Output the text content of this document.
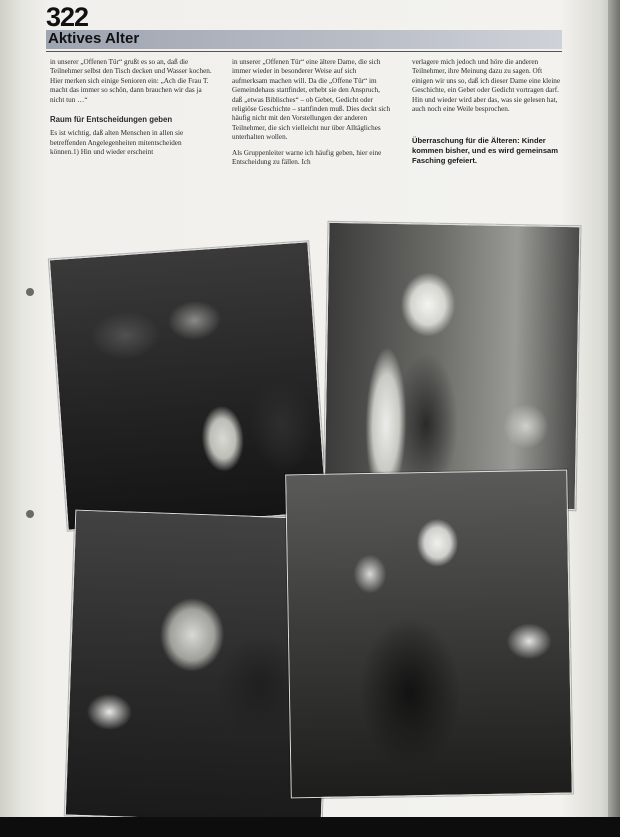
322
Aktives Alter

in unserer „Offenen Tür“ grußt es so an, daß die Teilnehmer selbst den Tisch decken und Wasser kochen. Hier merken sich einige Senioren ein: „Ach die Frau T. macht das immer so schön, dann brauchen wir das ja nicht tun …“

Raum für Entscheidungen geben

Es ist wichtig, daß alten Menschen in allen sie betreffenden Angelegenheiten mitentscheiden können.1) Hin und wieder erscheint

in unserer „Offenen Tür“ eine ältere Dame, die sich immer wieder in besonderer Weise auf sich aufmerksam machen will. Da die „Offene Tür“ im Gemeindehaus stattfindet, erhebt sie den Anspruch, daß „etwas Biblisches“ – ob Gebet, Gedicht oder religiöse Geschichte – stattfinden muß. Dies deckt sich häufig nicht mit den Vorstellungen der anderen Teilnehmer, die sich vielleicht nur über Alltägliches unterhalten wollen.

Als Gruppenleiter warne ich häufig geben, hier eine Entscheidung zu fällen. Ich

verlagere mich jedoch und höre die anderen Teilnehmer, ihre Meinung dazu zu sagen. Oft einigen wir uns so, daß ich dieser Dame eine kleine Geschichte, ein Gebet oder Gedicht vortragen darf. Hin und wieder wird aber das, was sie gelesen hat, auch noch eine Weile besprochen.

Überraschung für die Älteren: Kinder kommen bisher, und es wird gemeinsam Fasching gefeiert.
